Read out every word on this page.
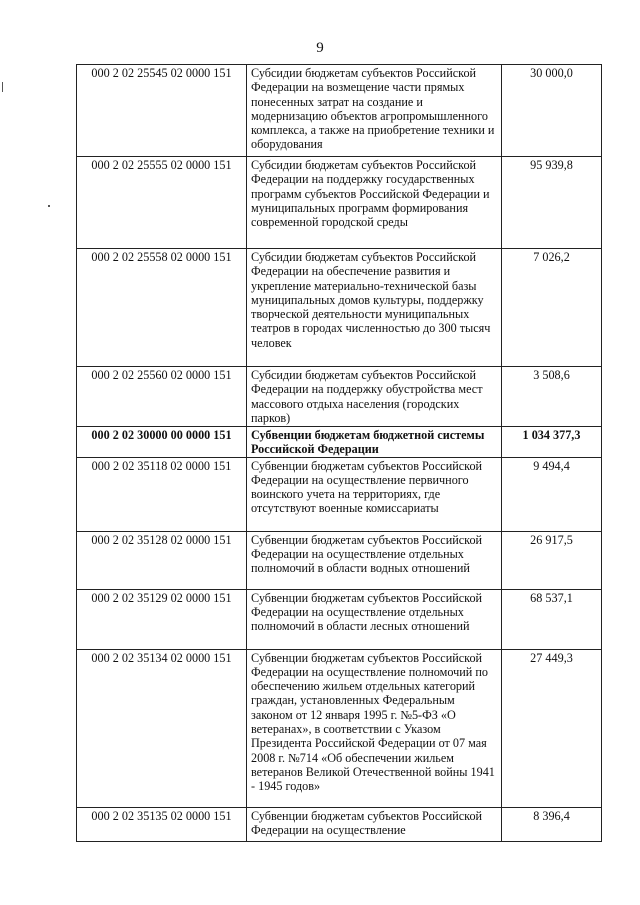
9
000 2 02 25545 02 0000 151	Субсидии бюджетам субъектов Российской Федерации на возмещение части прямых понесенных затрат на создание и модернизацию объектов агропромышленного комплекса, а также на приобретение техники и оборудования	30 000,0
000 2 02 25555 02 0000 151	Субсидии бюджетам субъектов Российской Федерации на поддержку государственных программ субъектов Российской Федерации и муниципальных программ формирования современной городской среды	95 939,8
000 2 02 25558 02 0000 151	Субсидии бюджетам субъектов Российской Федерации на обеспечение развития и укрепление материально-технической базы муниципальных домов культуры, поддержку творческой деятельности муниципальных театров в городах численностью до 300 тысяч человек	7 026,2
000 2 02 25560 02 0000 151	Субсидии бюджетам субъектов Российской Федерации на поддержку обустройства мест массового отдыха населения (городских парков)	3 508,6
000 2 02 30000 00 0000 151	Субвенции бюджетам бюджетной системы Российской Федерации	1 034 377,3
000 2 02 35118 02 0000 151	Субвенции бюджетам субъектов Российской Федерации на осуществление первичного воинского учета на территориях, где отсутствуют военные комиссариаты	9 494,4
000 2 02 35128 02 0000 151	Субвенции бюджетам субъектов Российской Федерации на осуществление отдельных полномочий в области водных отношений	26 917,5
000 2 02 35129 02 0000 151	Субвенции бюджетам субъектов Российской Федерации на осуществление отдельных полномочий в области лесных отношений	68 537,1
000 2 02 35134 02 0000 151	Субвенции бюджетам субъектов Российской Федерации на осуществление полномочий по обеспечению жильем отдельных категорий граждан, установленных Федеральным законом от 12 января 1995 г. №5-ФЗ «О ветеранах», в соответствии с Указом Президента Российской Федерации от 07 мая 2008 г. №714 «Об обеспечении жильем ветеранов Великой Отечественной войны 1941 - 1945 годов»	27 449,3
000 2 02 35135 02 0000 151	Субвенции бюджетам субъектов Российской Федерации на осуществление	8 396,4
